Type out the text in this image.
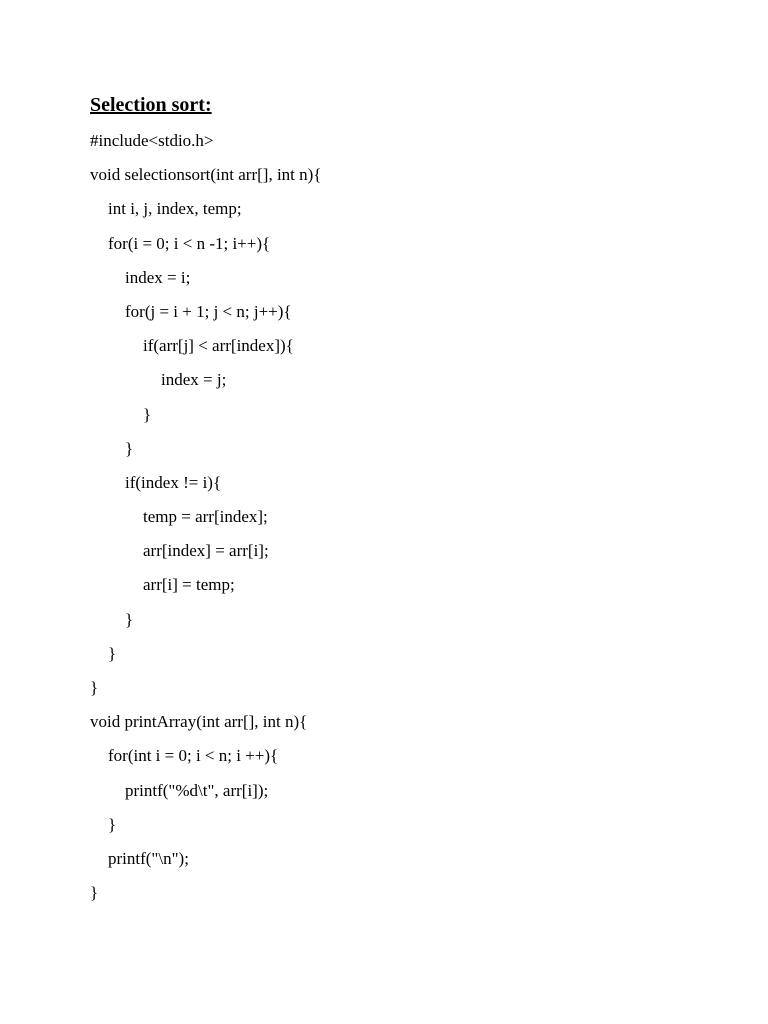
Selection sort:
#include<stdio.h>
void selectionsort(int arr[], int n){
int i, j, index, temp;
for(i = 0; i < n -1; i++){
index = i;
for(j = i + 1; j < n; j++){
if(arr[j] < arr[index]){
index = j;
}
}
if(index != i){
temp = arr[index];
arr[index] = arr[i];
arr[i] = temp;
}
}
}
void printArray(int arr[], int n){
for(int i = 0; i < n; i ++){
printf("%d\t", arr[i]);
}
printf("\n");
}
